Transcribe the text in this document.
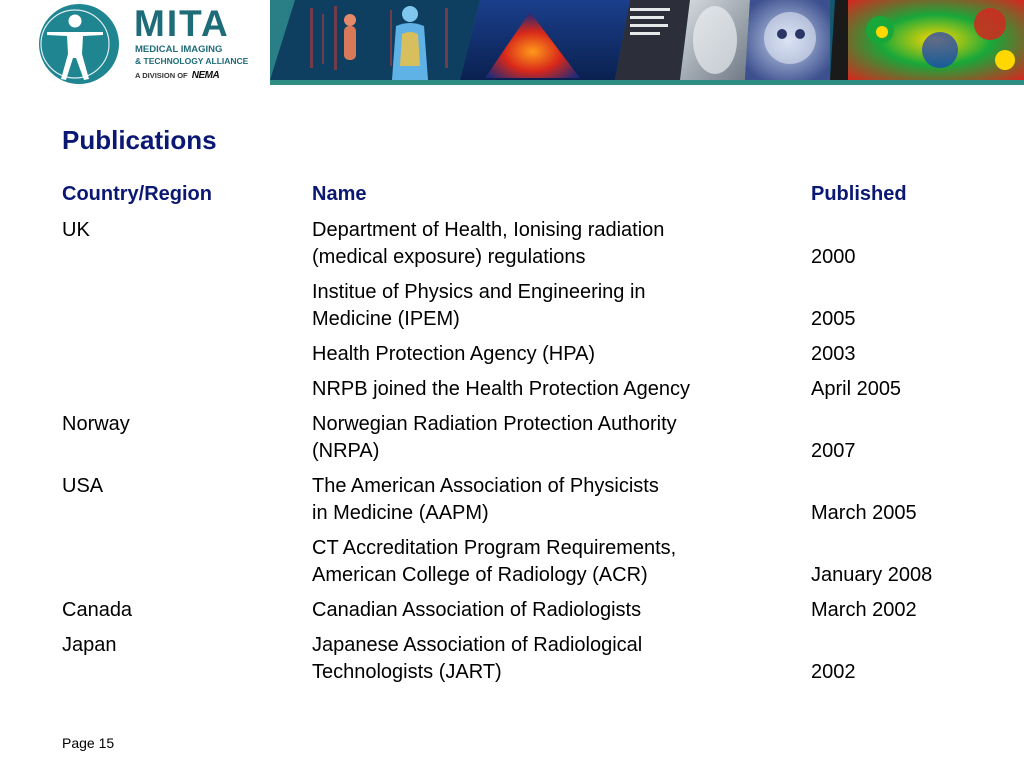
MITA
MEDICAL IMAGING
& TECHNOLOGY ALLIANCE
A DIVISION OF NEMA
Publications
Country/Region	Name	Published
UK	Department of Health, Ionising radiation
(medical exposure) regulations	2000

	Institue of Physics and Engineering in
Medicine (IPEM)	2005

	Health Protection Agency (HPA)	2003

	NRPB joined the Health Protection Agency	April 2005
Norway	Norwegian Radiation Protection Authority
(NRPA)	2007
USA	The American Association of Physicists
in Medicine (AAPM)	March 2005

	CT Accreditation Program Requirements,
American College of Radiology (ACR)	January 2008
Canada	Canadian Association of Radiologists	March 2002
Japan	Japanese Association of Radiological
Technologists (JART)	2002
Page 15
